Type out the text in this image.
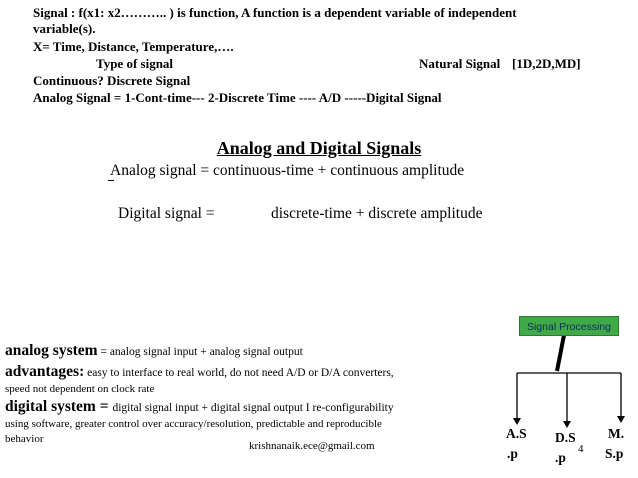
Signal : f(x1: x2……….. ) is function, A function is a dependent variable of independent
variable(s).
X= Time, Distance, Temperature,….
Type of signal	Natural Signal [1D,2D,MD]
Continuous? Discrete Signal
Analog Signal = 1-Cont-time--- 2-Discrete Time ---- A/D -----Digital Signal
Analog and Digital Signals
Analog signal = continuous-time + continuous amplitude
Digital signal =	discrete-time + discrete amplitude
analog system = analog signal input + analog signal output
advantages: easy to interface to real world, do not need A/D or D/A converters,
speed not dependent on clock rate
digital system = digital signal input + digital signal output I re-configurability
using software, greater control over accuracy/resolution, predictable and reproducible
behavior
krishnanaik.ece@gmail.com	4
Signal Processing
A.S
.p
D.S
.p
M.
S.p
